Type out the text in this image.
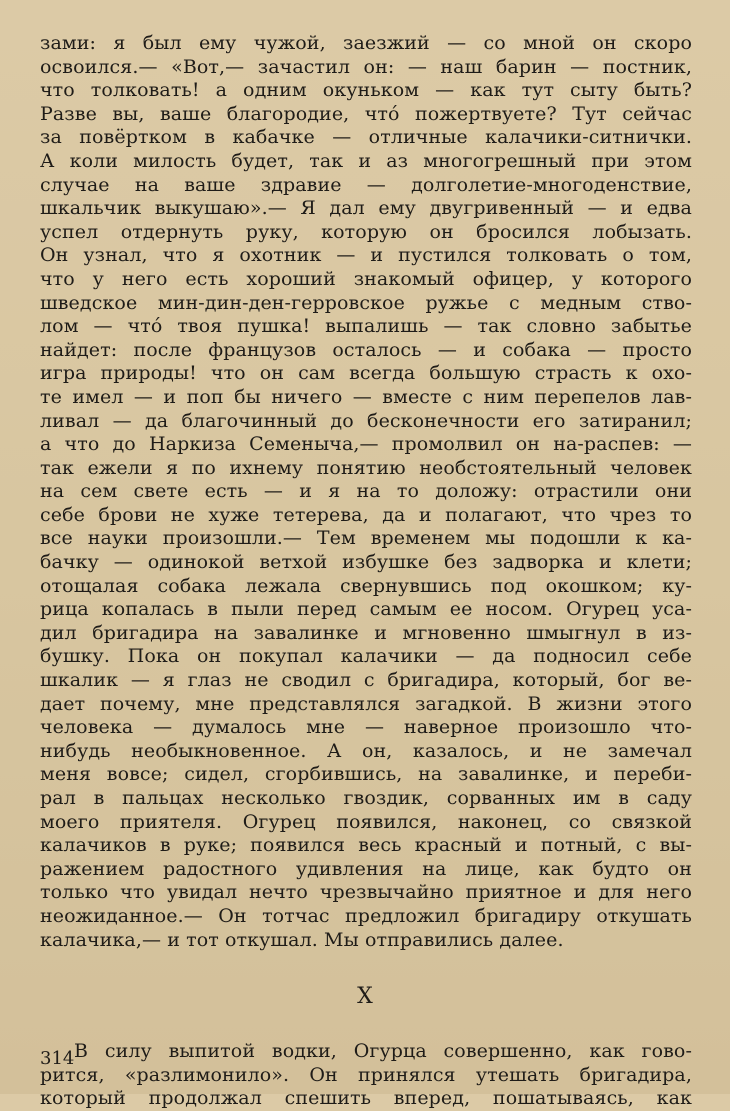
зами: я был ему чужой, заезжий — со мной он скоро
освоился.— «Вот,— зачастил он: — наш барин — постник,
что толковать! а одним окуньком — как тут сыту быть?
Разве вы, ваше благородие, чтó пожертвуете? Тут сейчас
за повёртком в кабачке — отличные калачики-ситнички.
А коли милость будет, так и аз многогрешный при этом
случае на ваше здравие — долголетие-многоденствие,
шкальчик выкушаю».— Я дал ему двугривенный — и едва
успел отдернуть руку, которую он бросился лобызать.
Он узнал, что я охотник — и пустился толковать о том,
что у него есть хороший знакомый офицер, у которого
шведское мин-дин-ден-герровское ружье с медным ство-
лом — чтó твоя пушка! выпалишь — так словно забытье
найдет: после французов осталось — и собака — просто
игра природы! что он сам всегда большую страсть к охо-
те имел — и поп бы ничего — вместе с ним перепелов лав-
ливал — да благочинный до бесконечности его затиранил;
а что до Наркиза Семеныча,— промолвил он на-распев: —
так ежели я по ихнему понятию необстоятельный человек
на сем свете есть — и я на то доложу: отрастили они
себе брови не хуже тетерева, да и полагают, что чрез то
все науки произошли.— Тем временем мы подошли к ка-
бачку — одинокой ветхой избушке без задворка и клети;
отощалая собака лежала свернувшись под окошком; ку-
рица копалась в пыли перед самым ее носом. Огурец уса-
дил бригадира на завалинке и мгновенно шмыгнул в из-
бушку. Пока он покупал калачики — да подносил себе
шкалик — я глаз не сводил с бригадира, который, бог ве-
дает почему, мне представлялся загадкой. В жизни этого
человека — думалось мне — наверное произошло что-
нибудь необыкновенное. А он, казалось, и не замечал
меня вовсе; сидел, сгорбившись, на завалинке, и переби-
рал в пальцах несколько гвоздик, сорванных им в саду
моего приятеля. Огурец появился, наконец, со связкой
калачиков в руке; появился весь красный и потный, с вы-
ражением радостного удивления на лице, как будто он
только что увидал нечто чрезвычайно приятное и для него
неожиданное.— Он тотчас предложил бригадиру откушать
калачика,— и тот откушал. Мы отправились далее.
X
В силу выпитой водки, Огурца совершенно, как гово-
рится, «разлимонило». Он принялся утешать бригадира,
который продолжал спешить вперед, пошатываясь, как
314
